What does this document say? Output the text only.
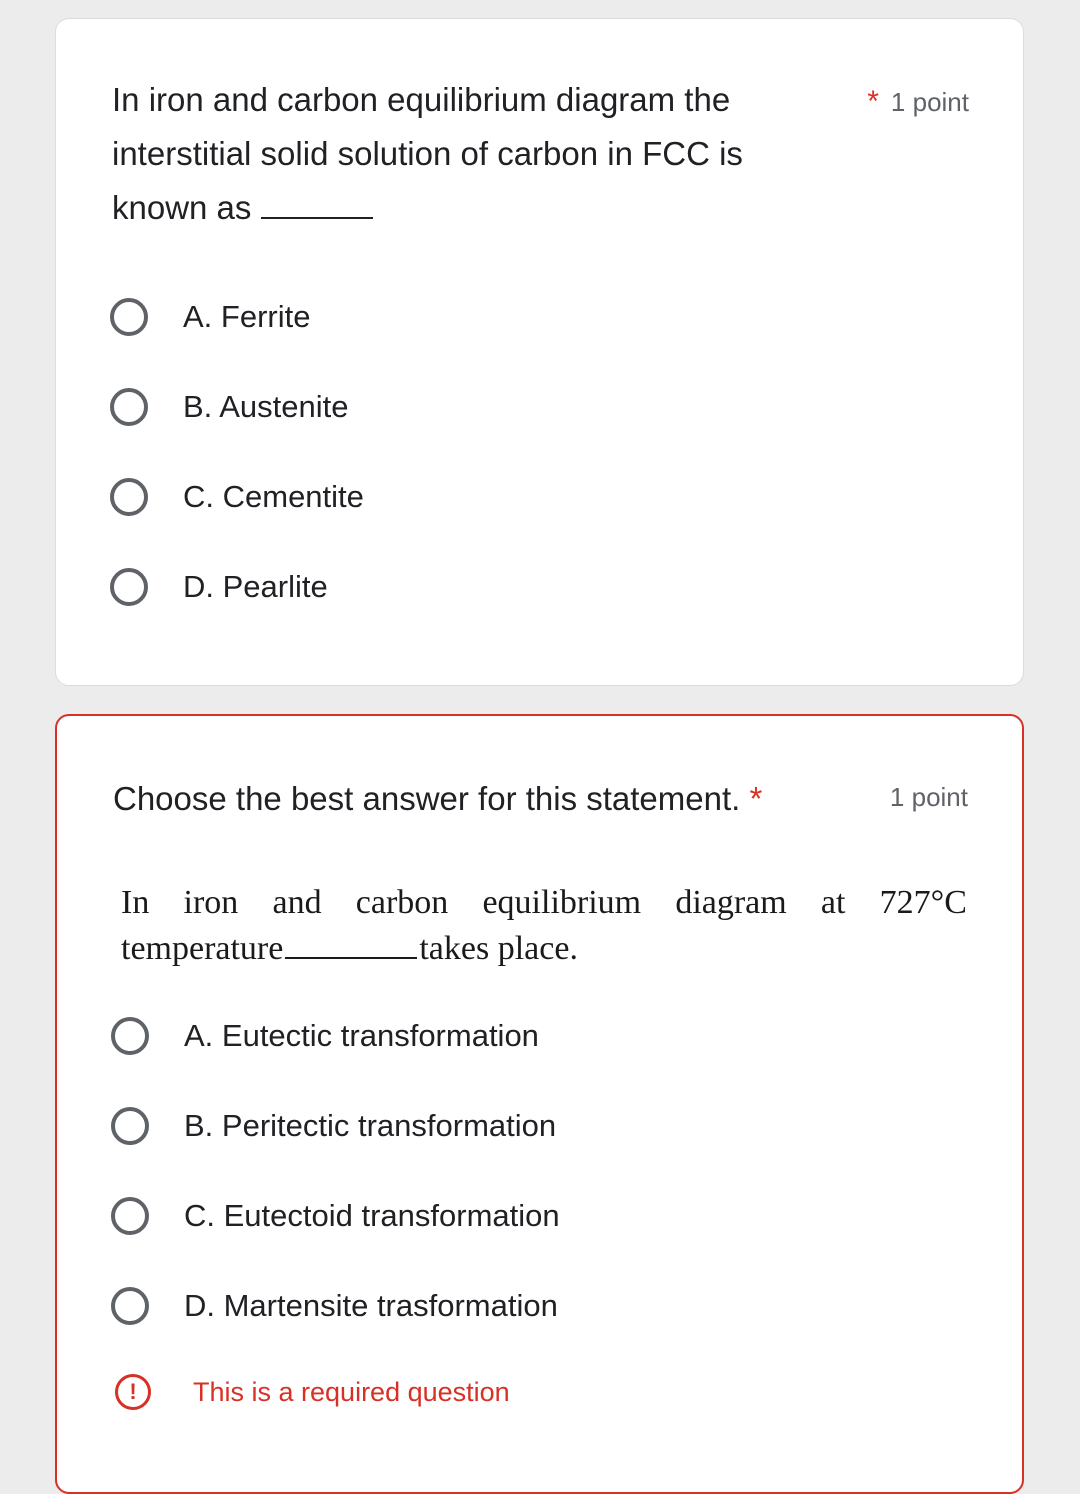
In iron and carbon equilibrium diagram the interstitial solid solution of carbon in FCC is known as
* 1 point
A. Ferrite
B. Austenite
C. Cementite
D. Pearlite
Choose the best answer for this statement. *	1 point
In iron and carbon equilibrium diagram at 727°C
temperature	takes place.
A. Eutectic transformation
B. Peritectic transformation
C. Eutectoid transformation
D. Martensite trasformation
!	This is a required question
